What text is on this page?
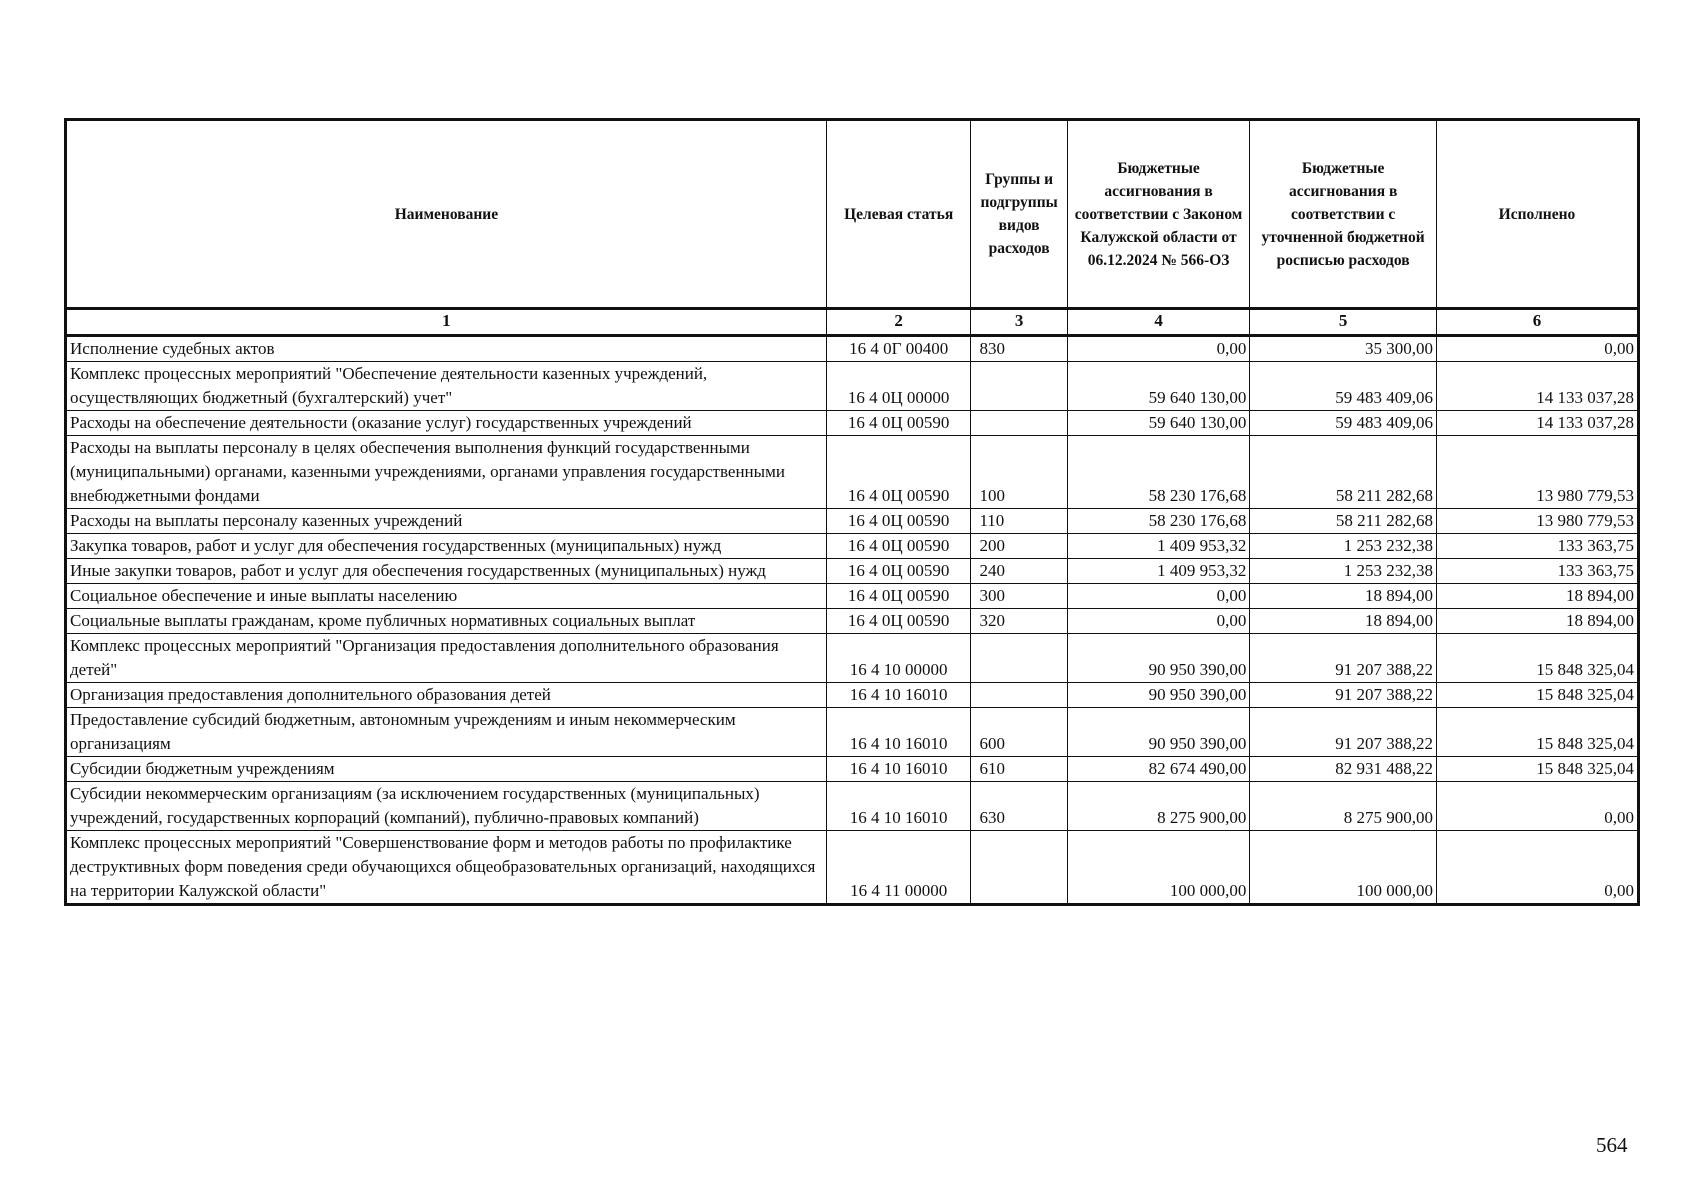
Наименование	Целевая статья	Группы и подгруппы видов расходов	Бюджетные ассигнования в соответствии с Законом Калужской области от 06.12.2024 № 566-ОЗ	Бюджетные ассигнования в соответствии с уточненной бюджетной росписью расходов	Исполнено
1	2	3	4	5	6
Исполнение судебных актов	16 4 0Г 00400	830	0,00	35 300,00	0,00
Комплекс процессных мероприятий "Обеспечение деятельности казенных учреждений, осуществляющих бюджетный (бухгалтерский) учет"	16 4 0Ц 00000		59 640 130,00	59 483 409,06	14 133 037,28
Расходы на обеспечение деятельности (оказание услуг) государственных учреждений	16 4 0Ц 00590		59 640 130,00	59 483 409,06	14 133 037,28
Расходы на выплаты персоналу в целях обеспечения выполнения функций государственными (муниципальными) органами, казенными учреждениями, органами управления государственными внебюджетными фондами	16 4 0Ц 00590	100	58 230 176,68	58 211 282,68	13 980 779,53
Расходы на выплаты персоналу казенных учреждений	16 4 0Ц 00590	110	58 230 176,68	58 211 282,68	13 980 779,53
Закупка товаров, работ и услуг для обеспечения государственных (муниципальных) нужд	16 4 0Ц 00590	200	1 409 953,32	1 253 232,38	133 363,75
Иные закупки товаров, работ и услуг для обеспечения государственных (муниципальных) нужд	16 4 0Ц 00590	240	1 409 953,32	1 253 232,38	133 363,75
Социальное обеспечение и иные выплаты населению	16 4 0Ц 00590	300	0,00	18 894,00	18 894,00
Социальные выплаты гражданам, кроме публичных нормативных социальных выплат	16 4 0Ц 00590	320	0,00	18 894,00	18 894,00
Комплекс процессных мероприятий "Организация предоставления дополнительного образования детей"	16 4 10 00000		90 950 390,00	91 207 388,22	15 848 325,04
Организация предоставления дополнительного образования детей	16 4 10 16010		90 950 390,00	91 207 388,22	15 848 325,04
Предоставление субсидий бюджетным, автономным учреждениям и иным некоммерческим организациям	16 4 10 16010	600	90 950 390,00	91 207 388,22	15 848 325,04
Субсидии бюджетным учреждениям	16 4 10 16010	610	82 674 490,00	82 931 488,22	15 848 325,04
Субсидии некоммерческим организациям (за исключением государственных (муниципальных) учреждений, государственных корпораций (компаний), публично-правовых компаний)	16 4 10 16010	630	8 275 900,00	8 275 900,00	0,00
Комплекс процессных мероприятий "Совершенствование форм и методов работы по профилактике деструктивных форм поведения среди обучающихся общеобразовательных организаций, находящихся на территории Калужской области"	16 4 11 00000		100 000,00	100 000,00	0,00
564
